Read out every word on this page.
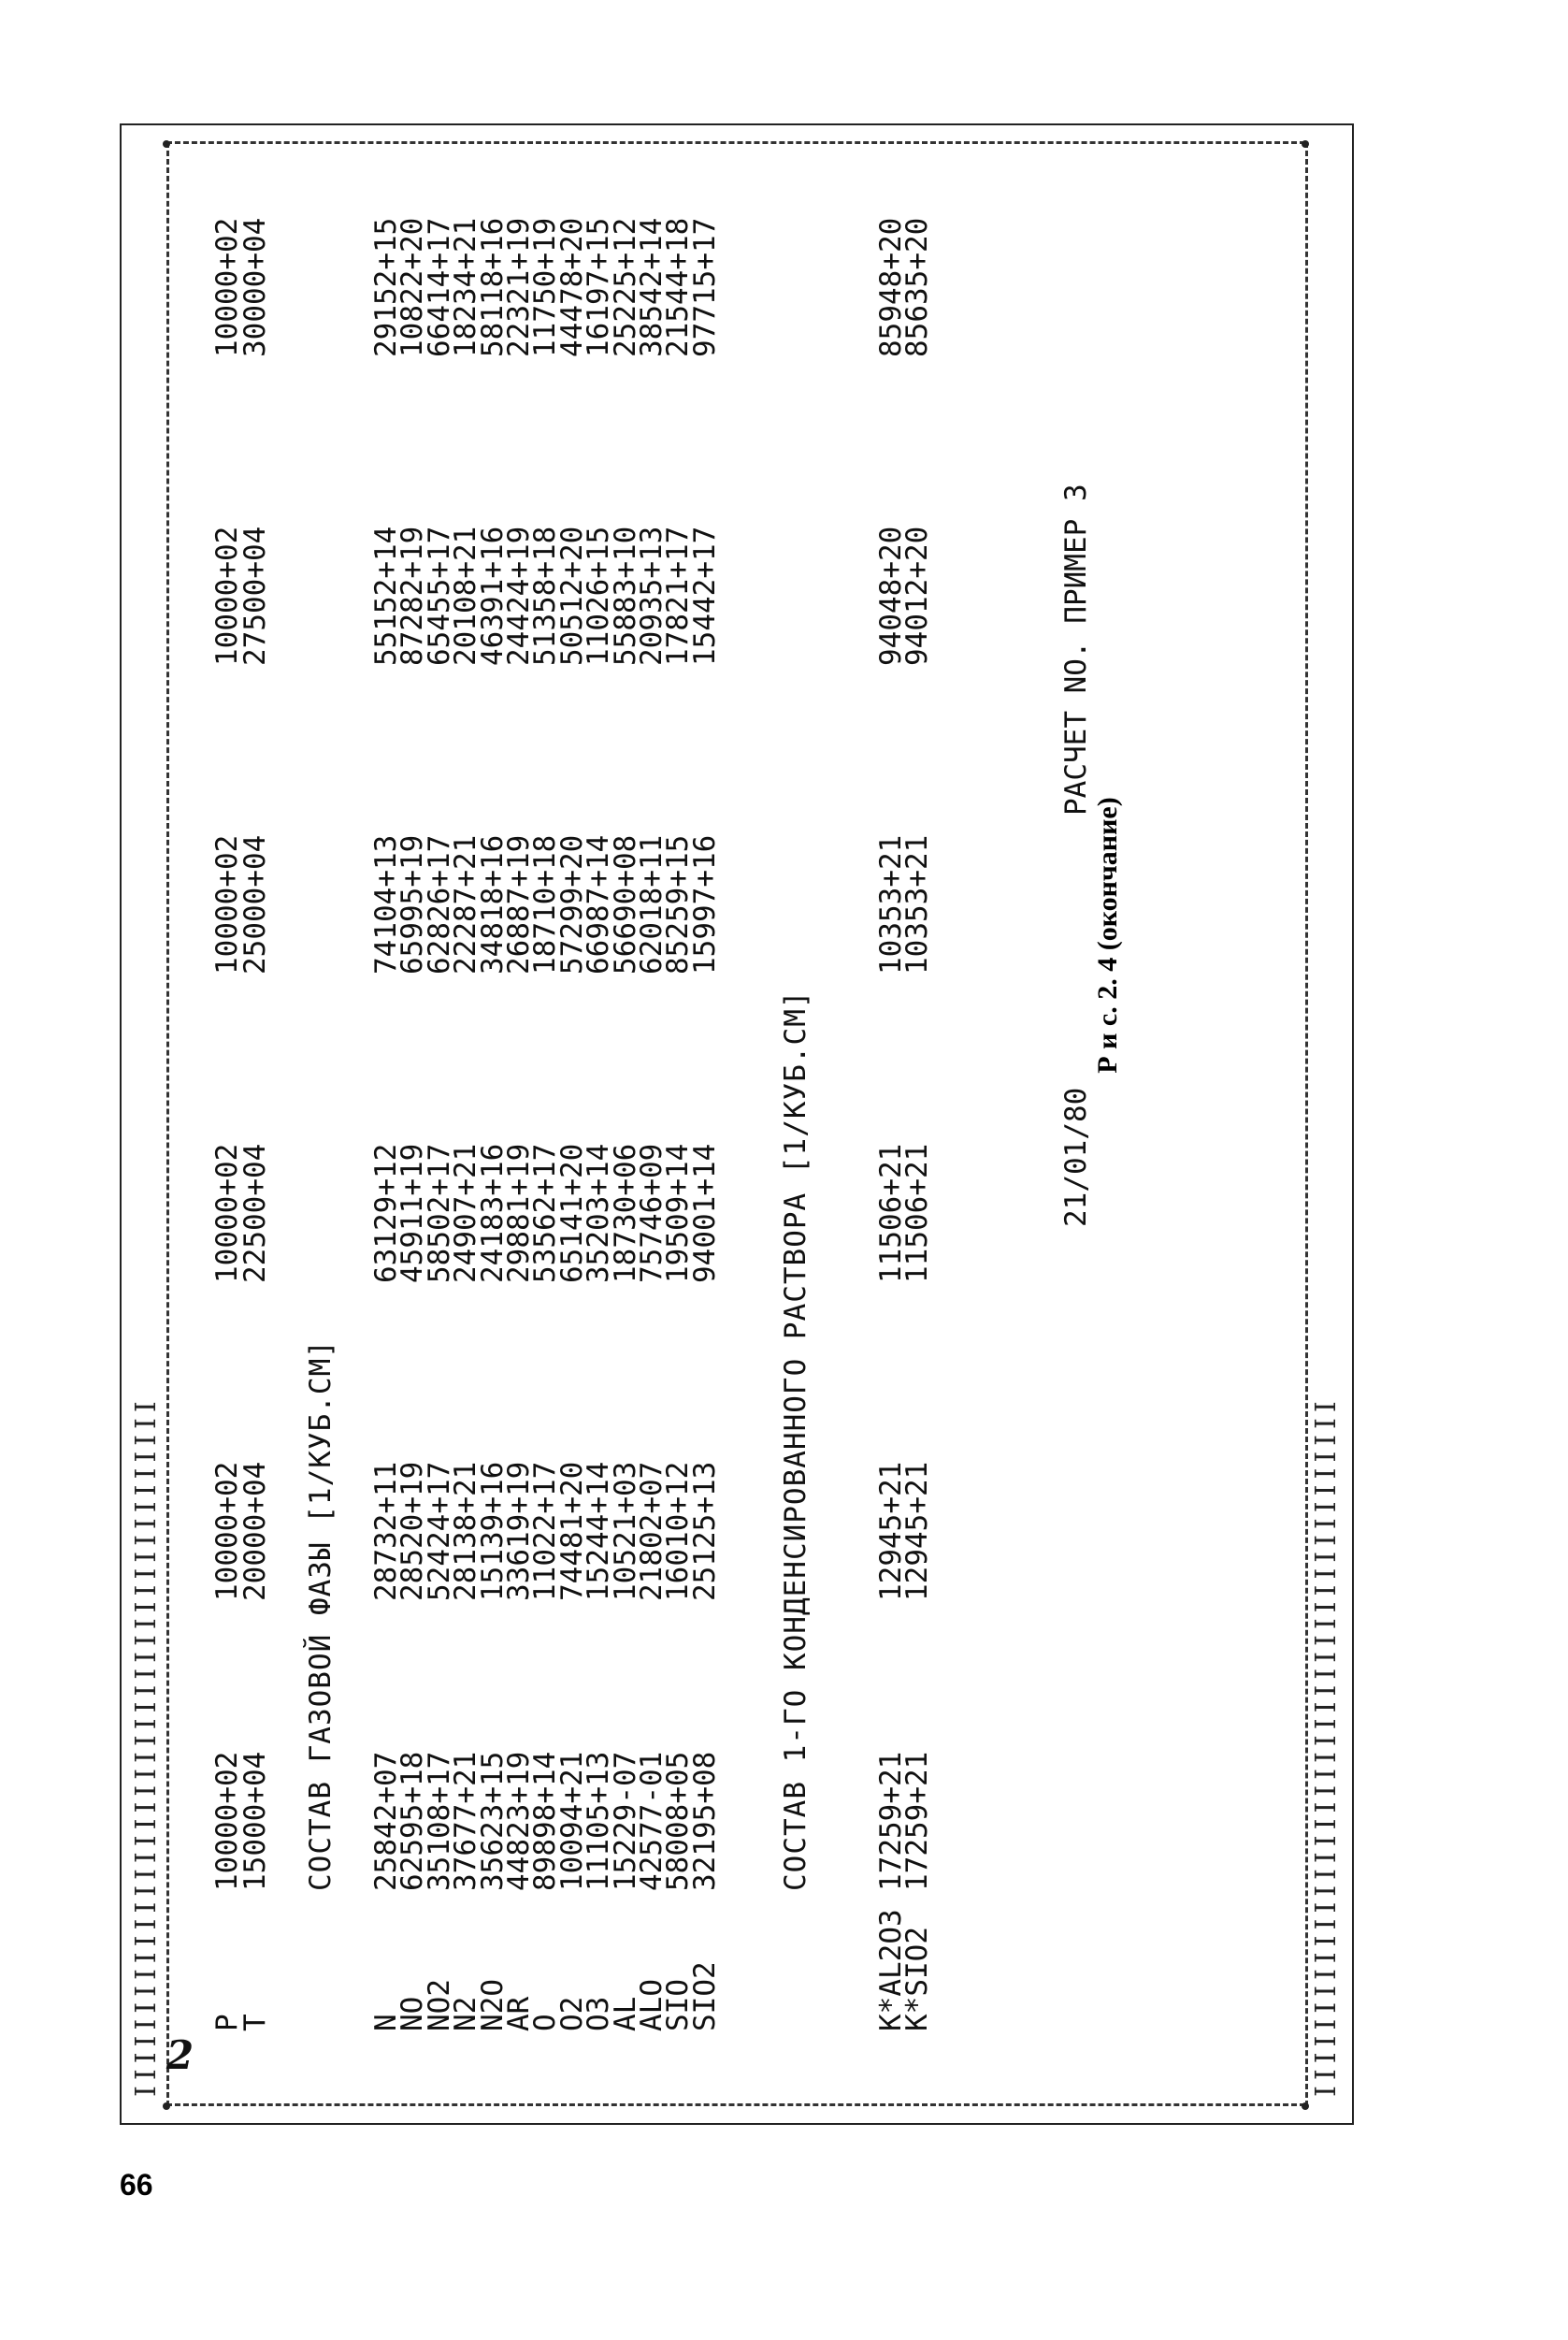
IIIIIIIIIIIIIIIIIIIIIIIIIIIIIIIIIIIIIIIIII	IIIIIIIIIIIIIIIIIIIIIIIIIIIIIIIIIIIIIIIIII
2
СОСТАВ ГАЗОВОЙ ФАЗЫ [1/КУБ.СМ]	СОСТАВ 1-ГО КОНДЕНСИРОВАННОГО РАСТВОРА [1/КУБ.СМ]	21/01/80
РАСЧЕТ NO. ПРИМЕР 3
P
10000+02
10000+02
10000+02
10000+02
10000+02
10000+02
T
15000+04
20000+04
22500+04
25000+04
27500+04
30000+04
N
25842+07
28732+11
63129+12
74104+13
55152+14
29152+15
NO
62595+18
28520+19
45911+19
65995+19
87282+19
10822+20
NO2
35108+17
52424+17
58502+17
62826+17
65455+17
66414+17
N2
37677+21
28138+21
24907+21
22287+21
20108+21
18234+21
N2O
35623+15
15139+16
24183+16
34818+16
46391+16
58118+16
AR
44823+19
33619+19
29881+19
26887+19
24424+19
22321+19
O
89898+14
11022+17
53562+17
18710+18
51358+18
11750+19
O2
10094+21
74481+20
65141+20
57299+20
50512+20
44478+20
O3
11105+13
15244+14
35203+14
66987+14
11026+15
16197+15
AL
15229-07
10521+03
18730+06
56690+08
55883+10
25225+12
ALO
42577-01
21802+07
75746+09
62018+11
20935+13
38542+14
SIO
58008+05
16010+12
19509+14
85259+15
17821+17
21544+18
SIO2
32195+08
25125+13
94001+14
15997+16
15442+17
97715+17
K*AL2O3
17259+21
12945+21
11506+21
10353+21
94048+20
85948+20
K*SIO2
17259+21
12945+21
11506+21
10353+21
94012+20
85635+20
Р и с. 2. 4 (окончание)
66
